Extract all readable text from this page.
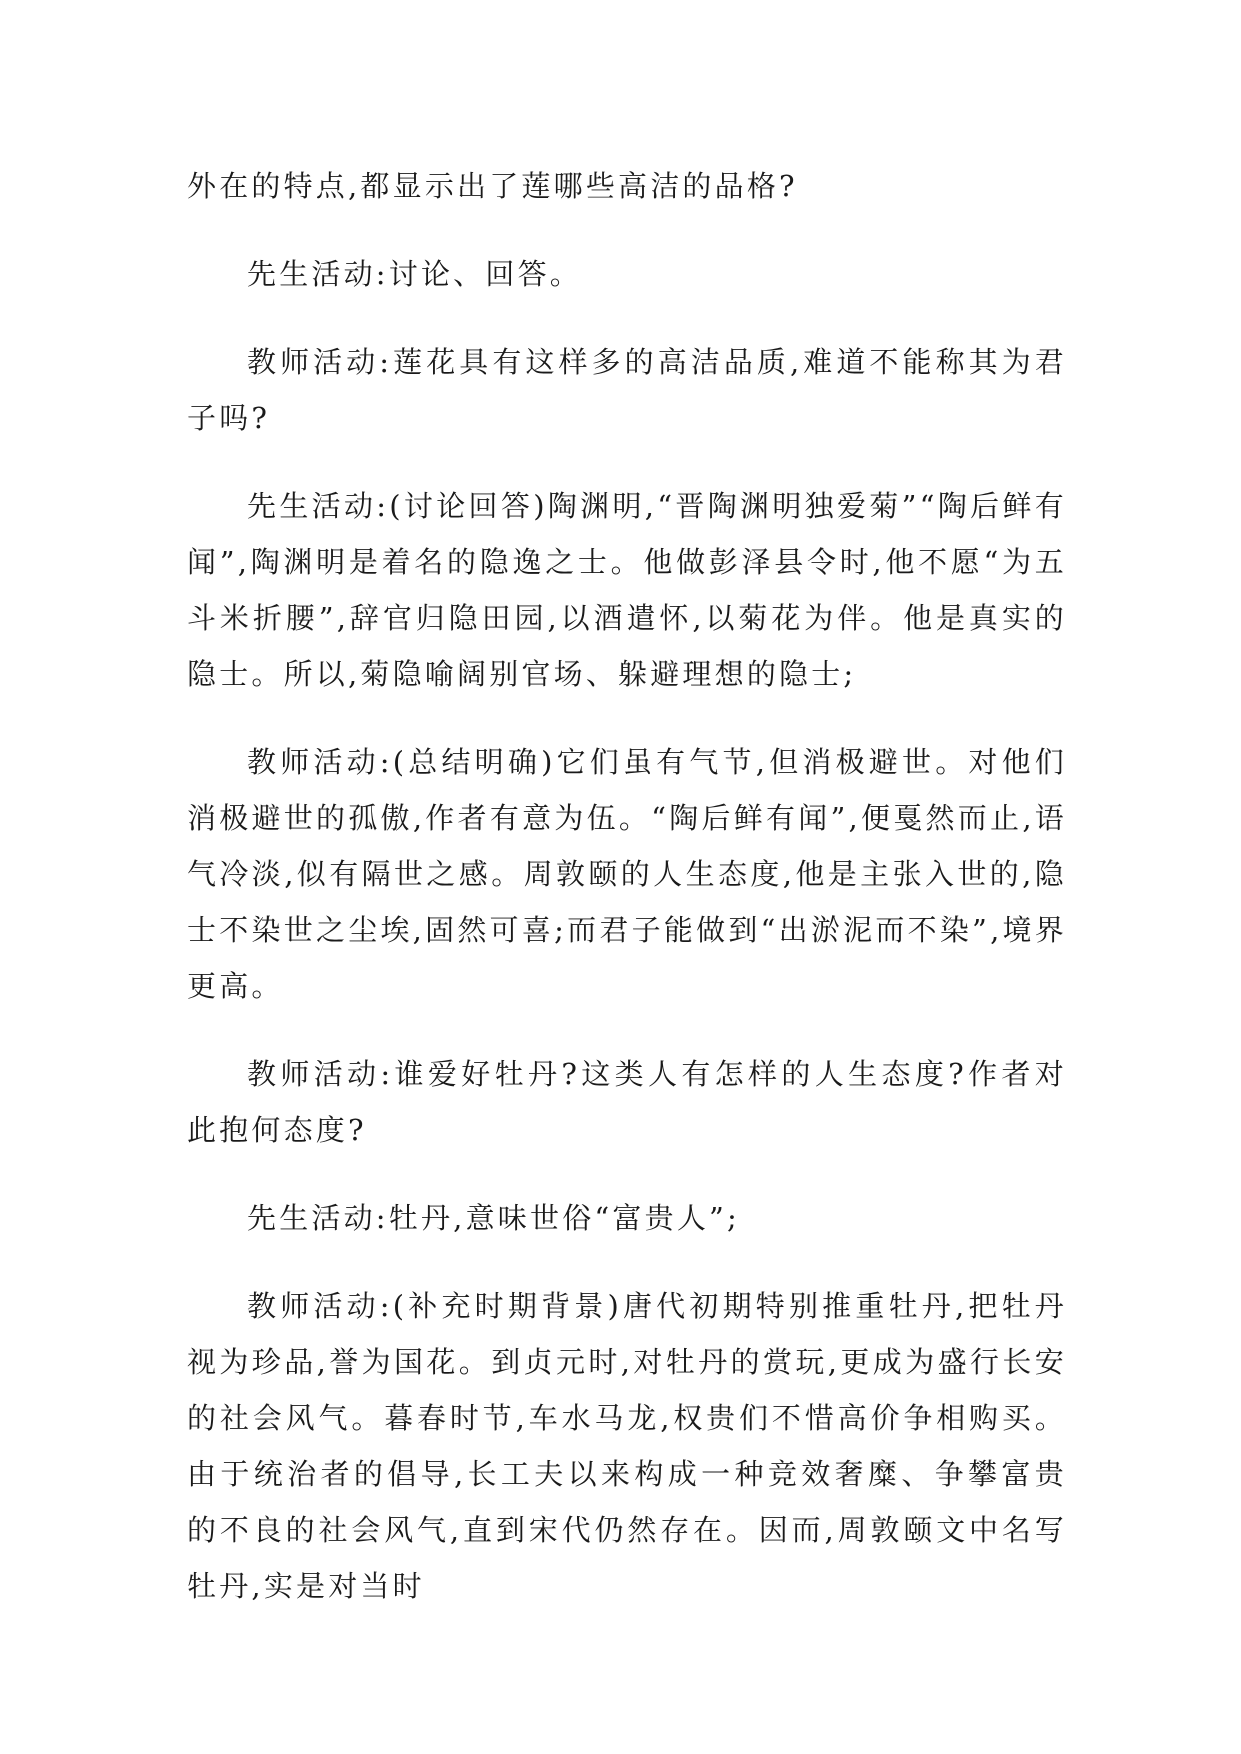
外在的特点,都显示出了莲哪些高洁的品格?

先生活动:讨论、回答。

教师活动:莲花具有这样多的高洁品质,难道不能称其为君子吗?

先生活动:(讨论回答)陶渊明,“晋陶渊明独爱菊”“陶后鲜有闻”,陶渊明是着名的隐逸之士。他做彭泽县令时,他不愿“为五斗米折腰”,辞官归隐田园,以酒遣怀,以菊花为伴。他是真实的隐士。所以,菊隐喻阔别官场、躲避理想的隐士;

教师活动:(总结明确)它们虽有气节,但消极避世。对他们消极避世的孤傲,作者有意为伍。“陶后鲜有闻”,便戛然而止,语气冷淡,似有隔世之感。周敦颐的人生态度,他是主张入世的,隐士不染世之尘埃,固然可喜;而君子能做到“出淤泥而不染”,境界更高。

教师活动:谁爱好牡丹?这类人有怎样的人生态度?作者对此抱何态度?

先生活动:牡丹,意味世俗“富贵人”;

教师活动:(补充时期背景)唐代初期特别推重牡丹,把牡丹视为珍品,誉为国花。到贞元时,对牡丹的赏玩,更成为盛行长安的社会风气。暮春时节,车水马龙,权贵们不惜高价争相购买。由于统治者的倡导,长工夫以来构成一种竞效奢糜、争攀富贵的不良的社会风气,直到宋代仍然存在。因而,周敦颐文中名写牡丹,实是对当时
